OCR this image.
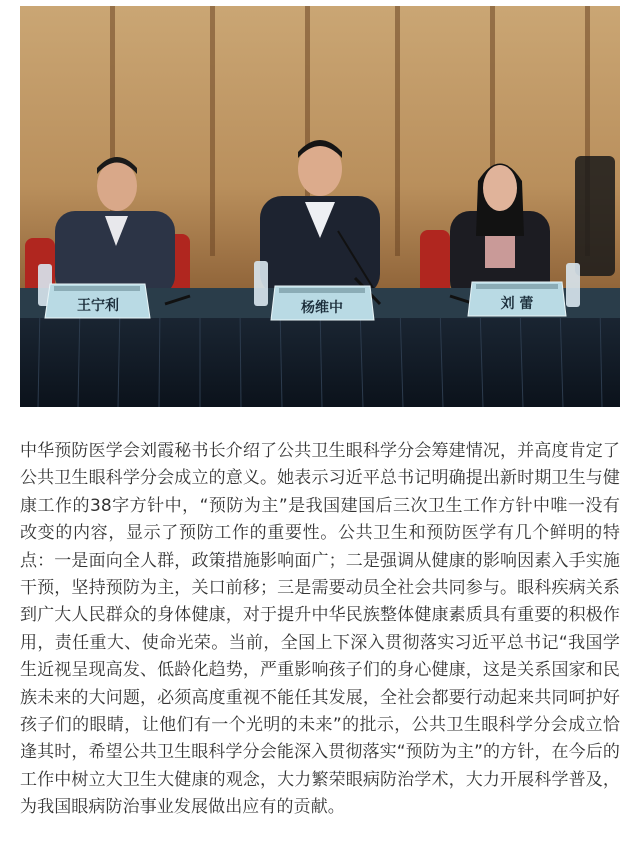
王宁利	杨维中	刘 蕾

中华预防医学会刘霞秘书长介绍了公共卫生眼科学分会筹建情况，并高度肯定了公共卫生眼科学分会成立的意义。她表示习近平总书记明确提出新时期卫生与健康工作的38字方针中，“预防为主”是我国建国后三次卫生工作方针中唯一没有改变的内容，显示了预防工作的重要性。公共卫生和预防医学有几个鲜明的特点：一是面向全人群，政策措施影响面广；二是强调从健康的影响因素入手实施干预，坚持预防为主，关口前移；三是需要动员全社会共同参与。眼科疾病关系到广大人民群众的身体健康，对于提升中华民族整体健康素质具有重要的积极作用，责任重大、使命光荣。当前，全国上下深入贯彻落实习近平总书记“我国学生近视呈现高发、低龄化趋势，严重影响孩子们的身心健康，这是关系国家和民族未来的大问题，必须高度重视不能任其发展，全社会都要行动起来共同呵护好孩子们的眼睛，让他们有一个光明的未来”的批示，公共卫生眼科学分会成立恰逢其时，希望公共卫生眼科学分会能深入贯彻落实“预防为主”的方针，在今后的工作中树立大卫生大健康的观念，大力繁荣眼病防治学术，大力开展科学普及，为我国眼病防治事业发展做出应有的贡献。
